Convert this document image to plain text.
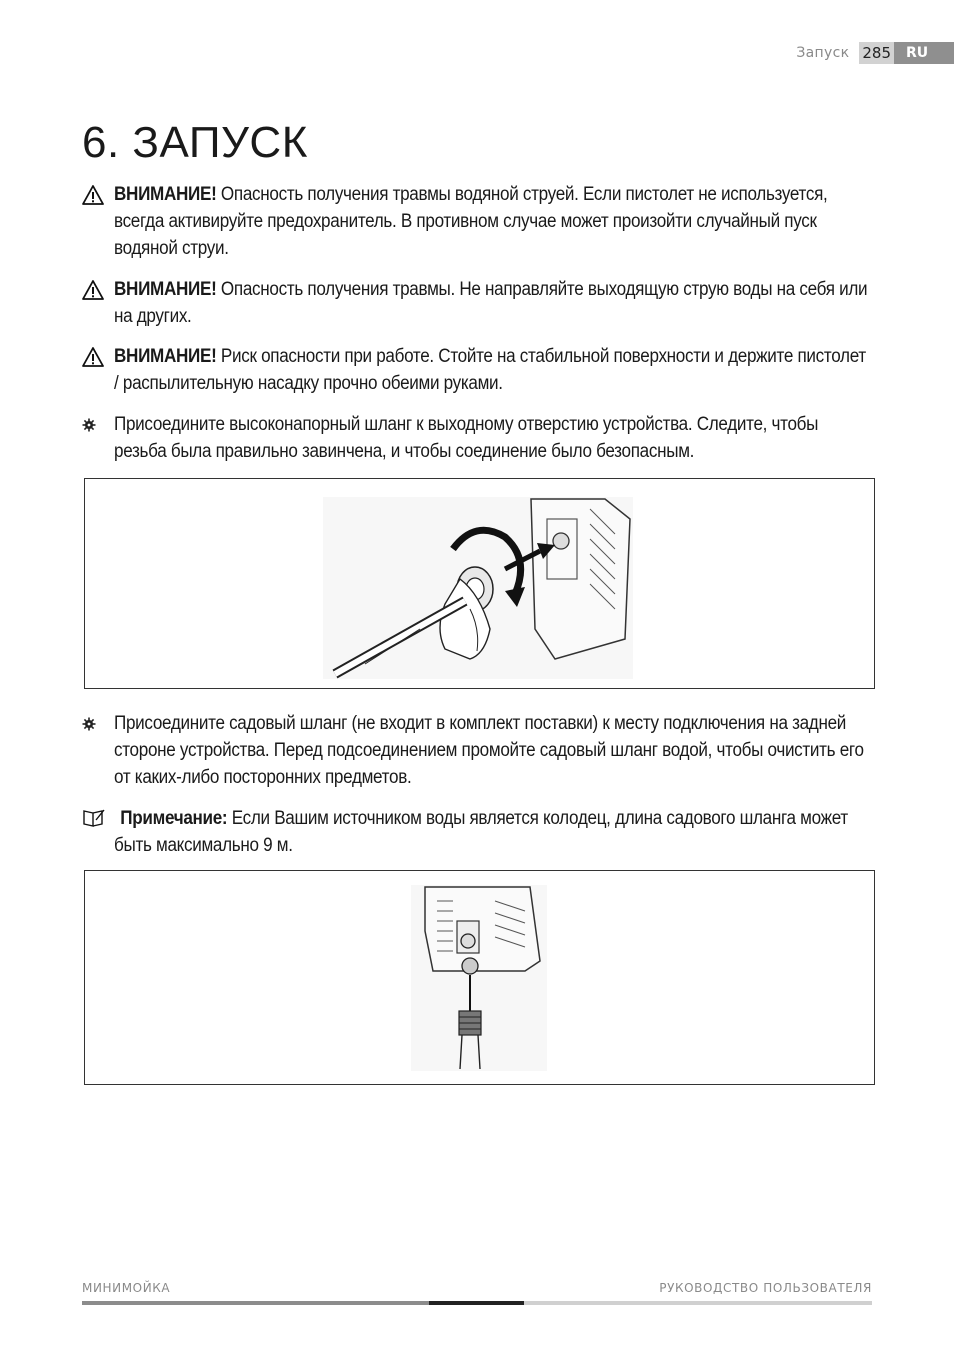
Запуск 285	RU
6. ЗАПУСК
ВНИМАНИЕ! Опасность получения травмы водяной струей. Если пистолет не используется, всегда активируйте предохранитель. В противном случае может произойти случайный пуск водяной струи.
ВНИМАНИЕ! Опасность получения травмы. Не направляйте выходящую струю воды на себя или на других.
ВНИМАНИЕ! Риск опасности при работе. Стойте на стабильной поверхности и держите пистолет / распылительную насадку прочно обеими руками.
Присоедините высоконапорный шланг к выходному отверстию устройства. Следите, чтобы резьба была правильно завинчена, и чтобы соединение было безопасным.
Присоедините садовый шланг (не входит в комплект поставки) к месту подключения на задней стороне устройства. Перед подсоединением промойте садовый шланг водой, чтобы очистить его от каких-либо посторонних предметов.
Примечание: Если Вашим источником воды является колодец, длина садового шланга может быть максимально 9 м.
МИНИМОЙКА	РУКОВОДСТВО ПОЛЬЗОВАТЕЛЯ
